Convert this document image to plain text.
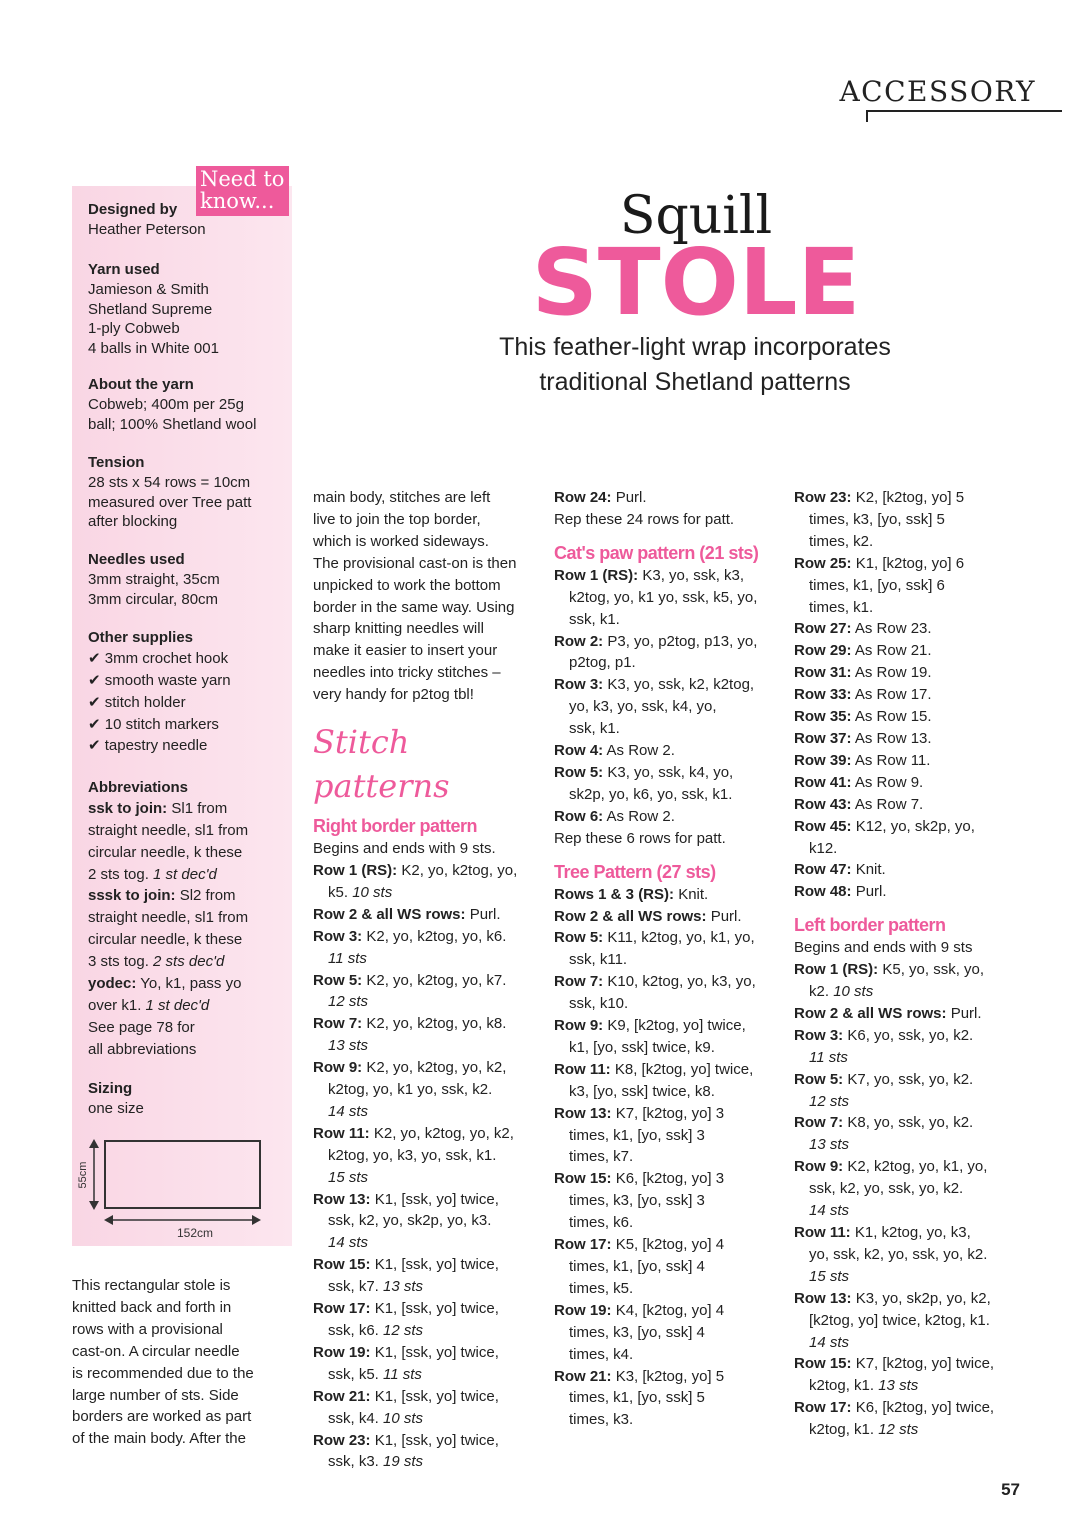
ACCESSORY
Need to
know...
Designed by
Heather Peterson
Yarn used
Jamieson & Smith
Shetland Supreme
1-ply Cobweb
4 balls in White 001
About the yarn
Cobweb; 400m per 25g
ball; 100% Shetland wool
Tension
28 sts x 54 rows = 10cm
measured over Tree patt
after blocking
Needles used
3mm straight, 35cm
3mm circular, 80cm
Other supplies
✔ 3mm crochet hook
✔ smooth waste yarn
✔ stitch holder
✔ 10 stitch markers
✔ tapestry needle
Abbreviations
ssk to join: Sl1 from
straight needle, sl1 from
circular needle, k these
2 sts tog. 1 st dec'd
sssk to join: Sl2 from
straight needle, sl1 from
circular needle, k these
3 sts tog. 2 sts dec'd
yodec: Yo, k1, pass yo
over k1. 1 st dec'd
See page 78 for
all abbreviations
Sizing
one size
55cm
152cm
This rectangular stole is
knitted back and forth in
rows with a provisional
cast-on. A circular needle
is recommended due to the
large number of sts. Side
borders are worked as part
of the main body. After the
Squill
STOLE
This feather-light wrap incorporates
traditional Shetland patterns
main body, stitches are left
live to join the top border,
which is worked sideways.
The provisional cast-on is then
unpicked to work the bottom
border in the same way. Using
sharp knitting needles will
make it easier to insert your
needles into tricky stitches –
very handy for p2tog tbl!
Stitch patterns
Right border pattern
Begins and ends with 9 sts.
Row 1 (RS): K2, yo, k2tog, yo,
k5. 10 sts
Row 2 & all WS rows: Purl.
Row 3: K2, yo, k2tog, yo, k6.
11 sts
Row 5: K2, yo, k2tog, yo, k7.
12 sts
Row 7: K2, yo, k2tog, yo, k8.
13 sts
Row 9: K2, yo, k2tog, yo, k2,
k2tog, yo, k1 yo, ssk, k2.
14 sts
Row 11: K2, yo, k2tog, yo, k2,
k2tog, yo, k3, yo, ssk, k1.
15 sts
Row 13: K1, [ssk, yo] twice,
ssk, k2, yo, sk2p, yo, k3.
14 sts
Row 15: K1, [ssk, yo] twice,
ssk, k7. 13 sts
Row 17: K1, [ssk, yo] twice,
ssk, k6. 12 sts
Row 19: K1, [ssk, yo] twice,
ssk, k5. 11 sts
Row 21: K1, [ssk, yo] twice,
ssk, k4. 10 sts
Row 23: K1, [ssk, yo] twice,
ssk, k3. 19 sts
Row 24: Purl.
Rep these 24 rows for patt.
Cat's paw pattern (21 sts)
Row 1 (RS): K3, yo, ssk, k3,
k2tog, yo, k1 yo, ssk, k5, yo,
ssk, k1.
Row 2: P3, yo, p2tog, p13, yo,
p2tog, p1.
Row 3: K3, yo, ssk, k2, k2tog,
yo, k3, yo, ssk, k4, yo,
ssk, k1.
Row 4: As Row 2.
Row 5: K3, yo, ssk, k4, yo,
sk2p, yo, k6, yo, ssk, k1.
Row 6: As Row 2.
Rep these 6 rows for patt.
Tree Pattern (27 sts)
Rows 1 & 3 (RS): Knit.
Row 2 & all WS rows: Purl.
Row 5: K11, k2tog, yo, k1, yo,
ssk, k11.
Row 7: K10, k2tog, yo, k3, yo,
ssk, k10.
Row 9: K9, [k2tog, yo] twice,
k1, [yo, ssk] twice, k9.
Row 11: K8, [k2tog, yo] twice,
k3, [yo, ssk] twice, k8.
Row 13: K7, [k2tog, yo] 3
times, k1, [yo, ssk] 3
times, k7.
Row 15: K6, [k2tog, yo] 3
times, k3, [yo, ssk] 3
times, k6.
Row 17: K5, [k2tog, yo] 4
times, k1, [yo, ssk] 4
times, k5.
Row 19: K4, [k2tog, yo] 4
times, k3, [yo, ssk] 4
times, k4.
Row 21: K3, [k2tog, yo] 5
times, k1, [yo, ssk] 5
times, k3.
Row 23: K2, [k2tog, yo] 5
times, k3, [yo, ssk] 5
times, k2.
Row 25: K1, [k2tog, yo] 6
times, k1, [yo, ssk] 6
times, k1.
Row 27: As Row 23.
Row 29: As Row 21.
Row 31: As Row 19.
Row 33: As Row 17.
Row 35: As Row 15.
Row 37: As Row 13.
Row 39: As Row 11.
Row 41: As Row 9.
Row 43: As Row 7.
Row 45: K12, yo, sk2p, yo,
k12.
Row 47: Knit.
Row 48: Purl.
Left border pattern
Begins and ends with 9 sts
Row 1 (RS): K5, yo, ssk, yo,
k2. 10 sts
Row 2 & all WS rows: Purl.
Row 3: K6, yo, ssk, yo, k2.
11 sts
Row 5: K7, yo, ssk, yo, k2.
12 sts
Row 7: K8, yo, ssk, yo, k2.
13 sts
Row 9: K2, k2tog, yo, k1, yo,
ssk, k2, yo, ssk, yo, k2.
14 sts
Row 11: K1, k2tog, yo, k3,
yo, ssk, k2, yo, ssk, yo, k2.
15 sts
Row 13: K3, yo, sk2p, yo, k2,
[k2tog, yo] twice, k2tog, k1.
14 sts
Row 15: K7, [k2tog, yo] twice,
k2tog, k1. 13 sts
Row 17: K6, [k2tog, yo] twice,
k2tog, k1. 12 sts
57
